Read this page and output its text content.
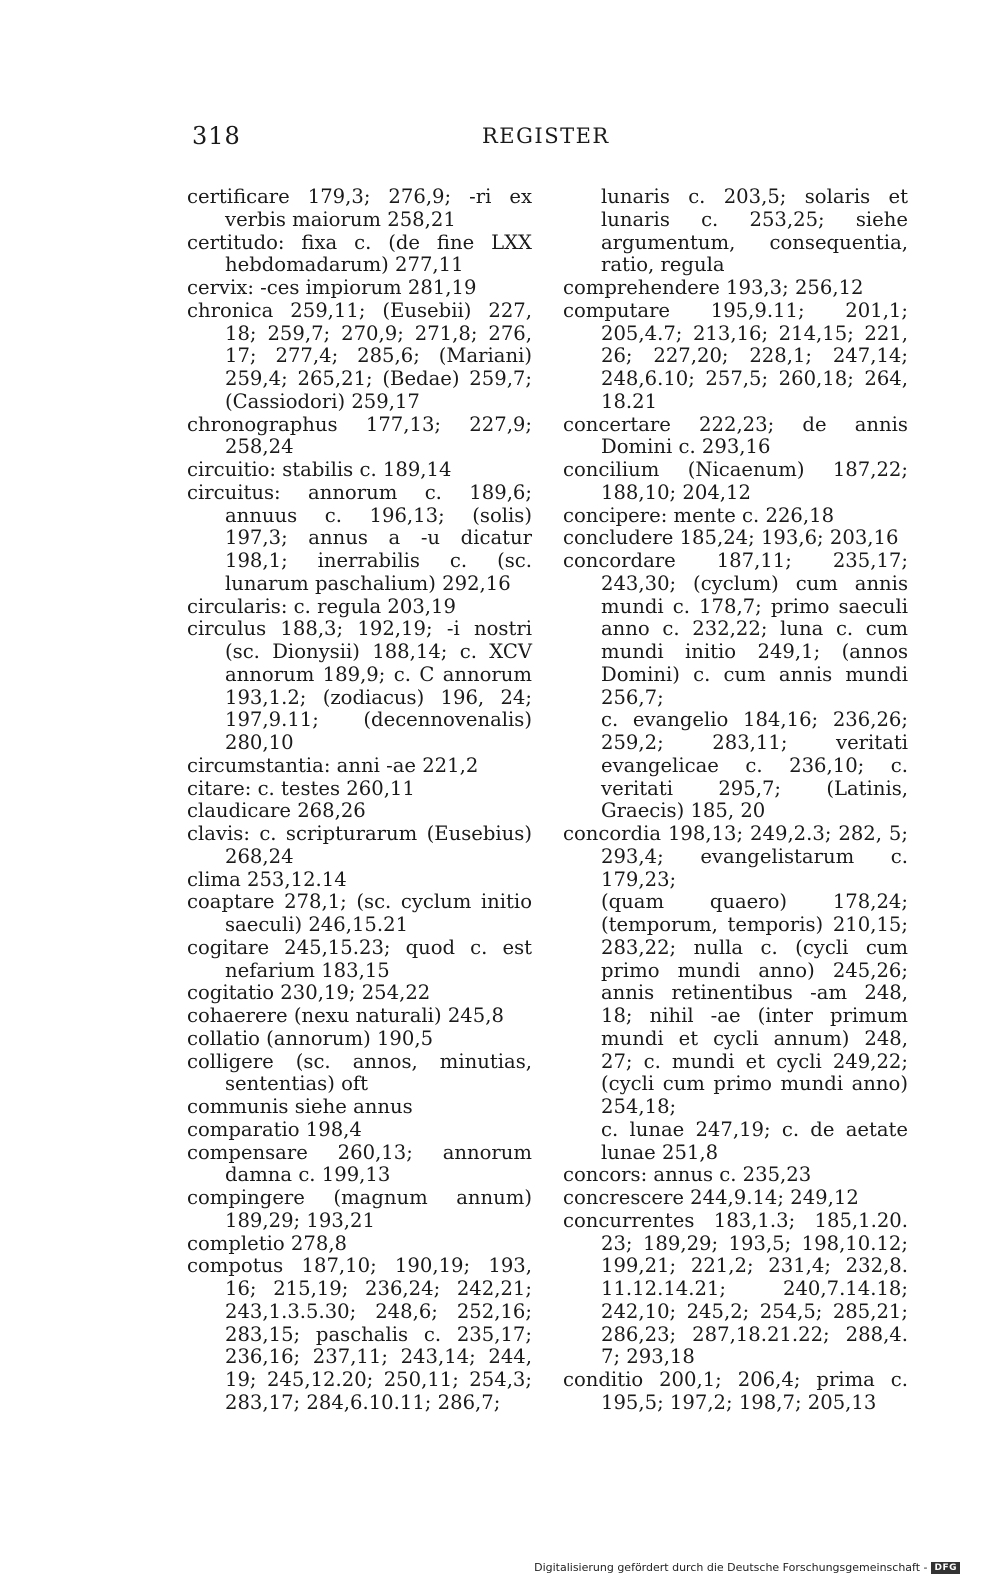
318	REGISTER
certificare 179,3; 276,9; -ri ex verbis maiorum 258,21
certitudo: fixa c. (de fine LXX hebdomadarum) 277,11
cervix: -ces impiorum 281,19
chronica 259,11; (Eusebii) 227, 18; 259,7; 270,9; 271,8; 276, 17; 277,4; 285,6; (Mariani) 259,4; 265,21; (Bedae) 259,7; (Cassiodori) 259,17
chronographus 177,13; 227,9; 258,24
circuitio: stabilis c. 189,14
circuitus: annorum c. 189,6; annuus c. 196,13; (solis) 197,3; annus a -u dicatur 198,1; inerrabilis c. (sc. lunarum paschalium) 292,16
circularis: c. regula 203,19
circulus 188,3; 192,19; -i nostri (sc. Dionysii) 188,14; c. XCV annorum 189,9; c. C annorum 193,1.2; (zodiacus) 196, 24; 197,9.11; (decennovenalis) 280,10
circumstantia: anni -ae 221,2
citare: c. testes 260,11
claudicare 268,26
clavis: c. scripturarum (Eusebius) 268,24
clima 253,12.14
coaptare 278,1; (sc. cyclum initio saeculi) 246,15.21
cogitare 245,15.23; quod c. est nefarium 183,15
cogitatio 230,19; 254,22
cohaerere (nexu naturali) 245,8
collatio (annorum) 190,5
colligere (sc. annos, minutias, sententias) oft
communis siehe annus
comparatio 198,4
compensare 260,13; annorum damna c. 199,13
compingere (magnum annum) 189,29; 193,21
completio 278,8
compotus 187,10; 190,19; 193, 16; 215,19; 236,24; 242,21; 243,1.3.5.30; 248,6; 252,16; 283,15; paschalis c. 235,17; 236,16; 237,11; 243,14; 244, 19; 245,12.20; 250,11; 254,3; 283,17; 284,6.10.11; 286,7;
lunaris c. 203,5; solaris et lunaris c. 253,25; siehe argumentum, consequentia, ratio, regula
comprehendere 193,3; 256,12
computare 195,9.11; 201,1; 205,4.7; 213,16; 214,15; 221, 26; 227,20; 228,1; 247,14; 248,6.10; 257,5; 260,18; 264, 18.21
concertare 222,23; de annis Domini c. 293,16
concilium (Nicaenum) 187,22; 188,10; 204,12
concipere: mente c. 226,18
concludere 185,24; 193,6; 203,16
concordare 187,11; 235,17; 243,30; (cyclum) cum annis mundi c. 178,7; primo saeculi anno c. 232,22; luna c. cum mundi initio 249,1; (annos Domini) c. cum annis mundi 256,7;
c. evangelio 184,16; 236,26; 259,2; 283,11; veritati evangelicae c. 236,10; c. veritati 295,7; (Latinis, Graecis) 185, 20
concordia 198,13; 249,2.3; 282, 5; 293,4; evangelistarum c. 179,23;
(quam quaero) 178,24; (temporum, temporis) 210,15; 283,22; nulla c. (cycli cum primo mundi anno) 245,26; annis retinentibus -am 248, 18; nihil -ae (inter primum mundi et cycli annum) 248, 27; c. mundi et cycli 249,22; (cycli cum primo mundi anno) 254,18;
c. lunae 247,19; c. de aetate lunae 251,8
concors: annus c. 235,23
concrescere 244,9.14; 249,12
concurrentes 183,1.3; 185,1.20. 23; 189,29; 193,5; 198,10.12; 199,21; 221,2; 231,4; 232,8. 11.12.14.21; 240,7.14.18; 242,10; 245,2; 254,5; 285,21; 286,23; 287,18.21.22; 288,4. 7; 293,18
conditio 200,1; 206,4; prima c. 195,5; 197,2; 198,7; 205,13
Digitalisierung gefördert durch die Deutsche Forschungsgemeinschaft - DFG
